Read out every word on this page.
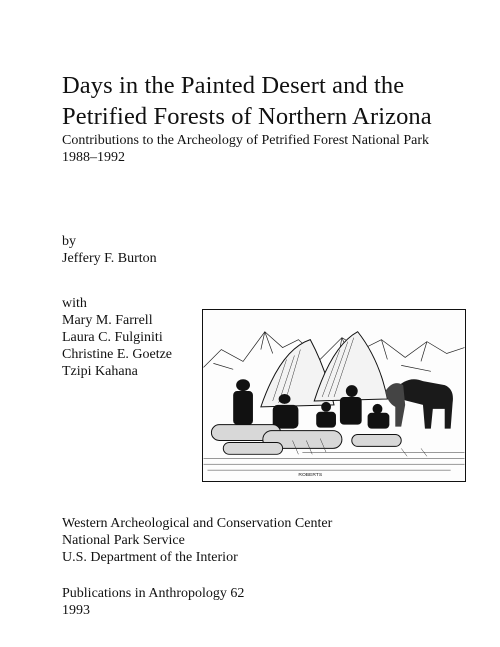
Days in the Painted Desert and the
Petrified Forests of Northern Arizona
Contributions to the Archeology of Petrified Forest National Park
1988–1992
by
Jeffery F. Burton
with
Mary M. Farrell
Laura C. Fulginiti
Christine E. Goetze
Tzipi Kahana
ROBERTS
Western Archeological and Conservation Center
National Park Service
U.S. Department of the Interior
Publications in Anthropology 62
1993
